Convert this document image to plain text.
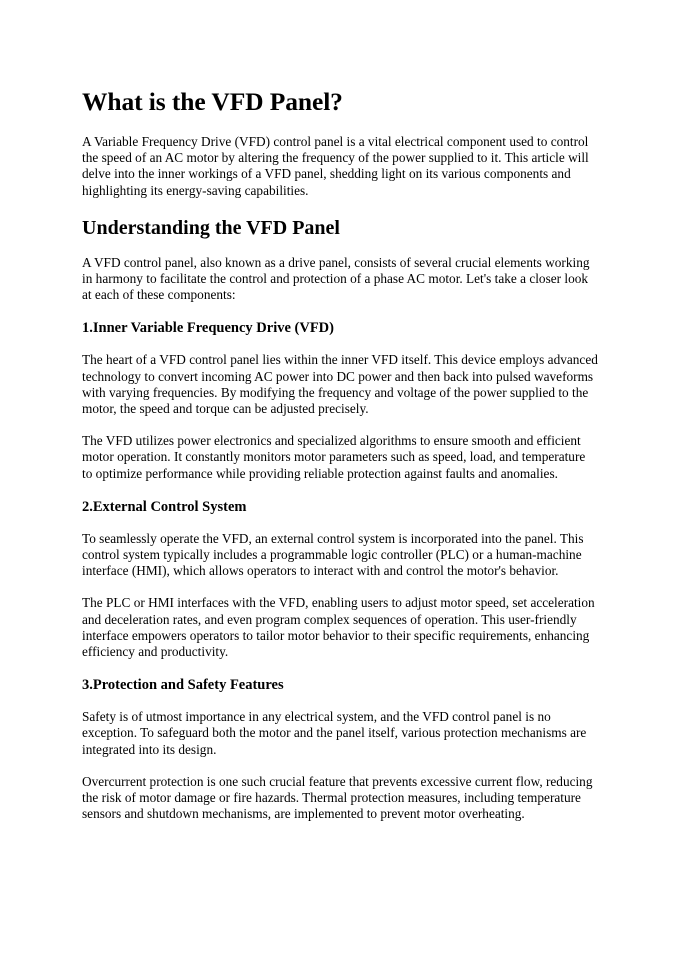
What is the VFD Panel?

A Variable Frequency Drive (VFD) control panel is a vital electrical component used to control the speed of an AC motor by altering the frequency of the power supplied to it. This article will delve into the inner workings of a VFD panel, shedding light on its various components and highlighting its energy-saving capabilities.

Understanding the VFD Panel

A VFD control panel, also known as a drive panel, consists of several crucial elements working in harmony to facilitate the control and protection of a phase AC motor. Let's take a closer look at each of these components:

1.Inner Variable Frequency Drive (VFD)

The heart of a VFD control panel lies within the inner VFD itself. This device employs advanced technology to convert incoming AC power into DC power and then back into pulsed waveforms with varying frequencies. By modifying the frequency and voltage of the power supplied to the motor, the speed and torque can be adjusted precisely.

The VFD utilizes power electronics and specialized algorithms to ensure smooth and efficient motor operation. It constantly monitors motor parameters such as speed, load, and temperature to optimize performance while providing reliable protection against faults and anomalies.

2.External Control System

To seamlessly operate the VFD, an external control system is incorporated into the panel. This control system typically includes a programmable logic controller (PLC) or a human-machine interface (HMI), which allows operators to interact with and control the motor's behavior.

The PLC or HMI interfaces with the VFD, enabling users to adjust motor speed, set acceleration and deceleration rates, and even program complex sequences of operation. This user-friendly interface empowers operators to tailor motor behavior to their specific requirements, enhancing efficiency and productivity.

3.Protection and Safety Features

Safety is of utmost importance in any electrical system, and the VFD control panel is no exception. To safeguard both the motor and the panel itself, various protection mechanisms are integrated into its design.

Overcurrent protection is one such crucial feature that prevents excessive current flow, reducing the risk of motor damage or fire hazards. Thermal protection measures, including temperature sensors and shutdown mechanisms, are implemented to prevent motor overheating.
